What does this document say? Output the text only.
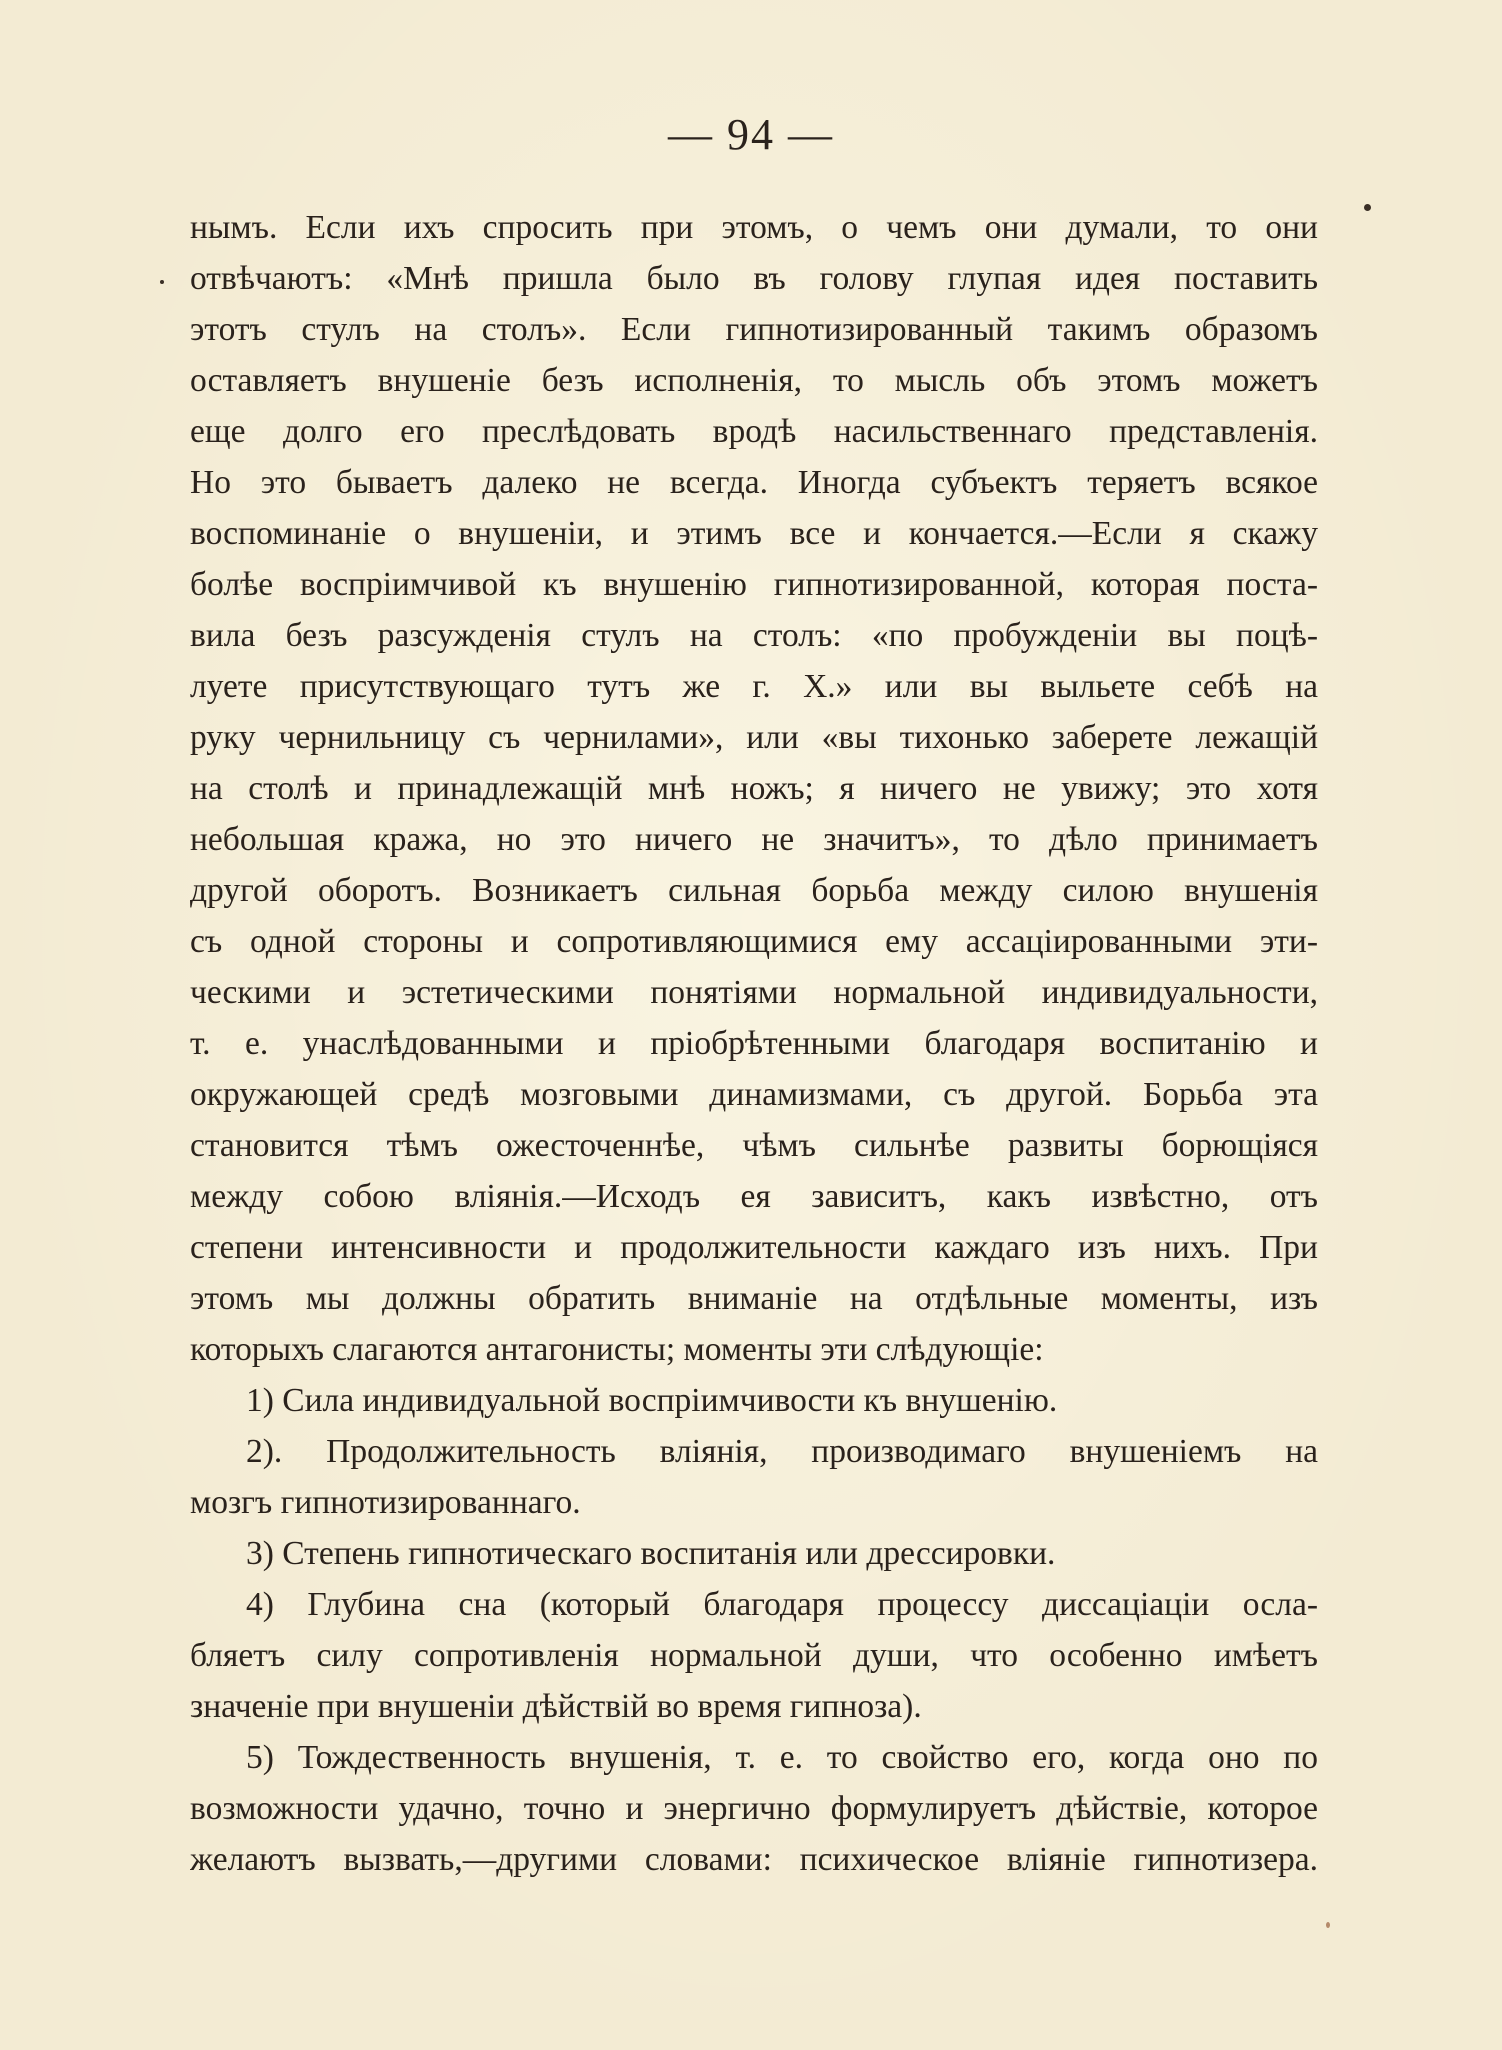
— 94 —
нымъ. Если ихъ спросить при этомъ, о чемъ они думали, то они
отвѣчаютъ: «Мнѣ пришла было въ голову глупая идея поставить
этотъ стулъ на столъ». Если гипнотизированный такимъ образомъ
оставляетъ внушеніе безъ исполненія, то мысль объ этомъ можетъ
еще долго его преслѣдовать вродѣ насильственнаго представленія.
Но это бываетъ далеко не всегда. Иногда субъектъ теряетъ всякое
воспоминаніе о внушеніи, и этимъ все и кончается.—Если я скажу
болѣе воспріимчивой къ внушенію гипнотизированной, которая поста-
вила безъ разсужденія стулъ на столъ: «по пробужденіи вы поцѣ-
луете присутствующаго тутъ же г. Х.» или вы выльете себѣ на
руку чернильницу съ чернилами», или «вы тихонько заберете лежащій
на столѣ и принадлежащій мнѣ ножъ; я ничего не увижу; это хотя
небольшая кража, но это ничего не значитъ», то дѣло принимаетъ
другой оборотъ. Возникаетъ сильная борьба между силою внушенія
съ одной стороны и сопротивляющимися ему ассаціированными эти-
ческими и эстетическими понятіями нормальной индивидуальности,
т. е. унаслѣдованными и пріобрѣтенными благодаря воспитанію и
окружающей средѣ мозговыми динамизмами, съ другой. Борьба эта
становится тѣмъ ожесточеннѣе, чѣмъ сильнѣе развиты борющіяся
между собою вліянія.—Исходъ ея зависитъ, какъ извѣстно, отъ
степени интенсивности и продолжительности каждаго изъ нихъ. При
этомъ мы должны обратить вниманіе на отдѣльные моменты, изъ
которыхъ слагаются антагонисты; моменты эти слѣдующіе:
1) Сила индивидуальной воспріимчивости къ внушенію.
2). Продолжительность вліянія, производимаго внушеніемъ на
мозгъ гипнотизированнаго.
3) Степень гипнотическаго воспитанія или дрессировки.
4) Глубина сна (который благодаря процессу диссаціаціи осла-
бляетъ силу сопротивленія нормальной души, что особенно имѣетъ
значеніе при внушеніи дѣйствій во время гипноза).
5) Тождественность внушенія, т. е. то свойство его, когда оно по
возможности удачно, точно и энергично формулируетъ дѣйствіе, которое
желаютъ вызвать,—другими словами: психическое вліяніе гипнотизера.
